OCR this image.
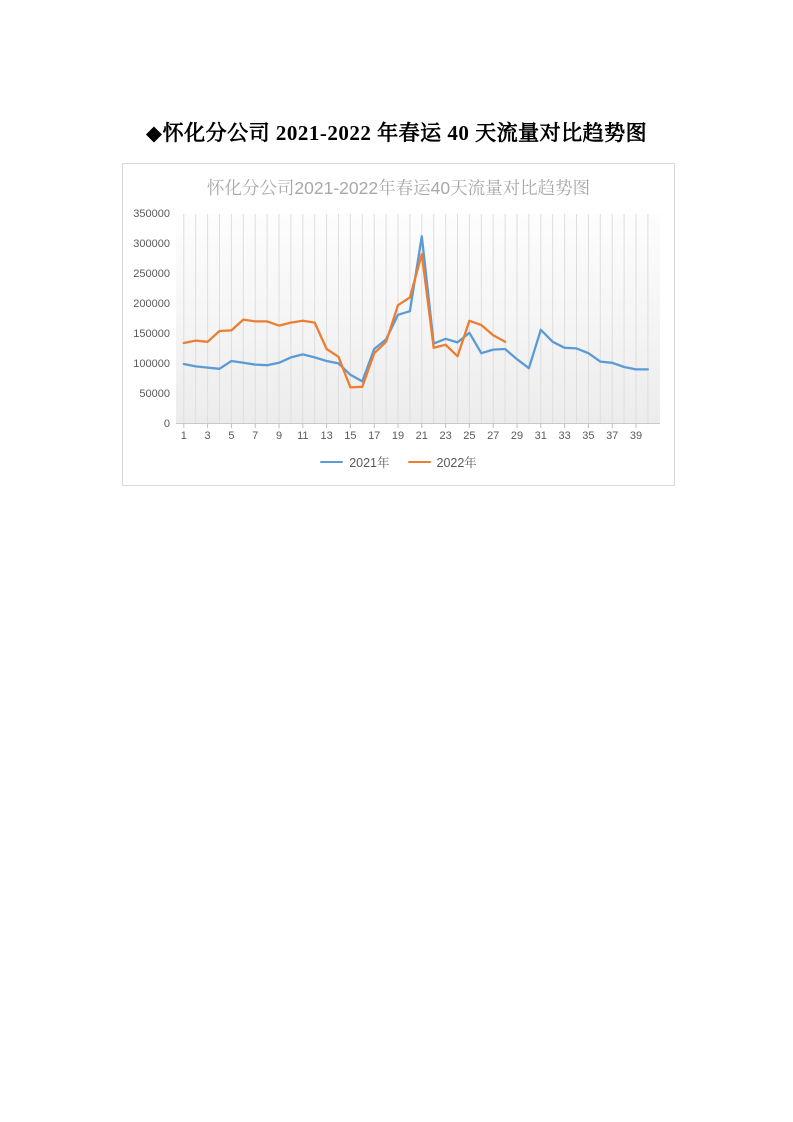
◆怀化分公司 2021-2022 年春运 40 天流量对比趋势图
怀化分公司2021-2022年春运40天流量对比趋势图
0
50000
100000
150000
200000
250000
300000
350000
1	3	5	7	9	11	13	15	17	19	21	23	25	27	29	31	33	35	37	39
2021年	2022年
